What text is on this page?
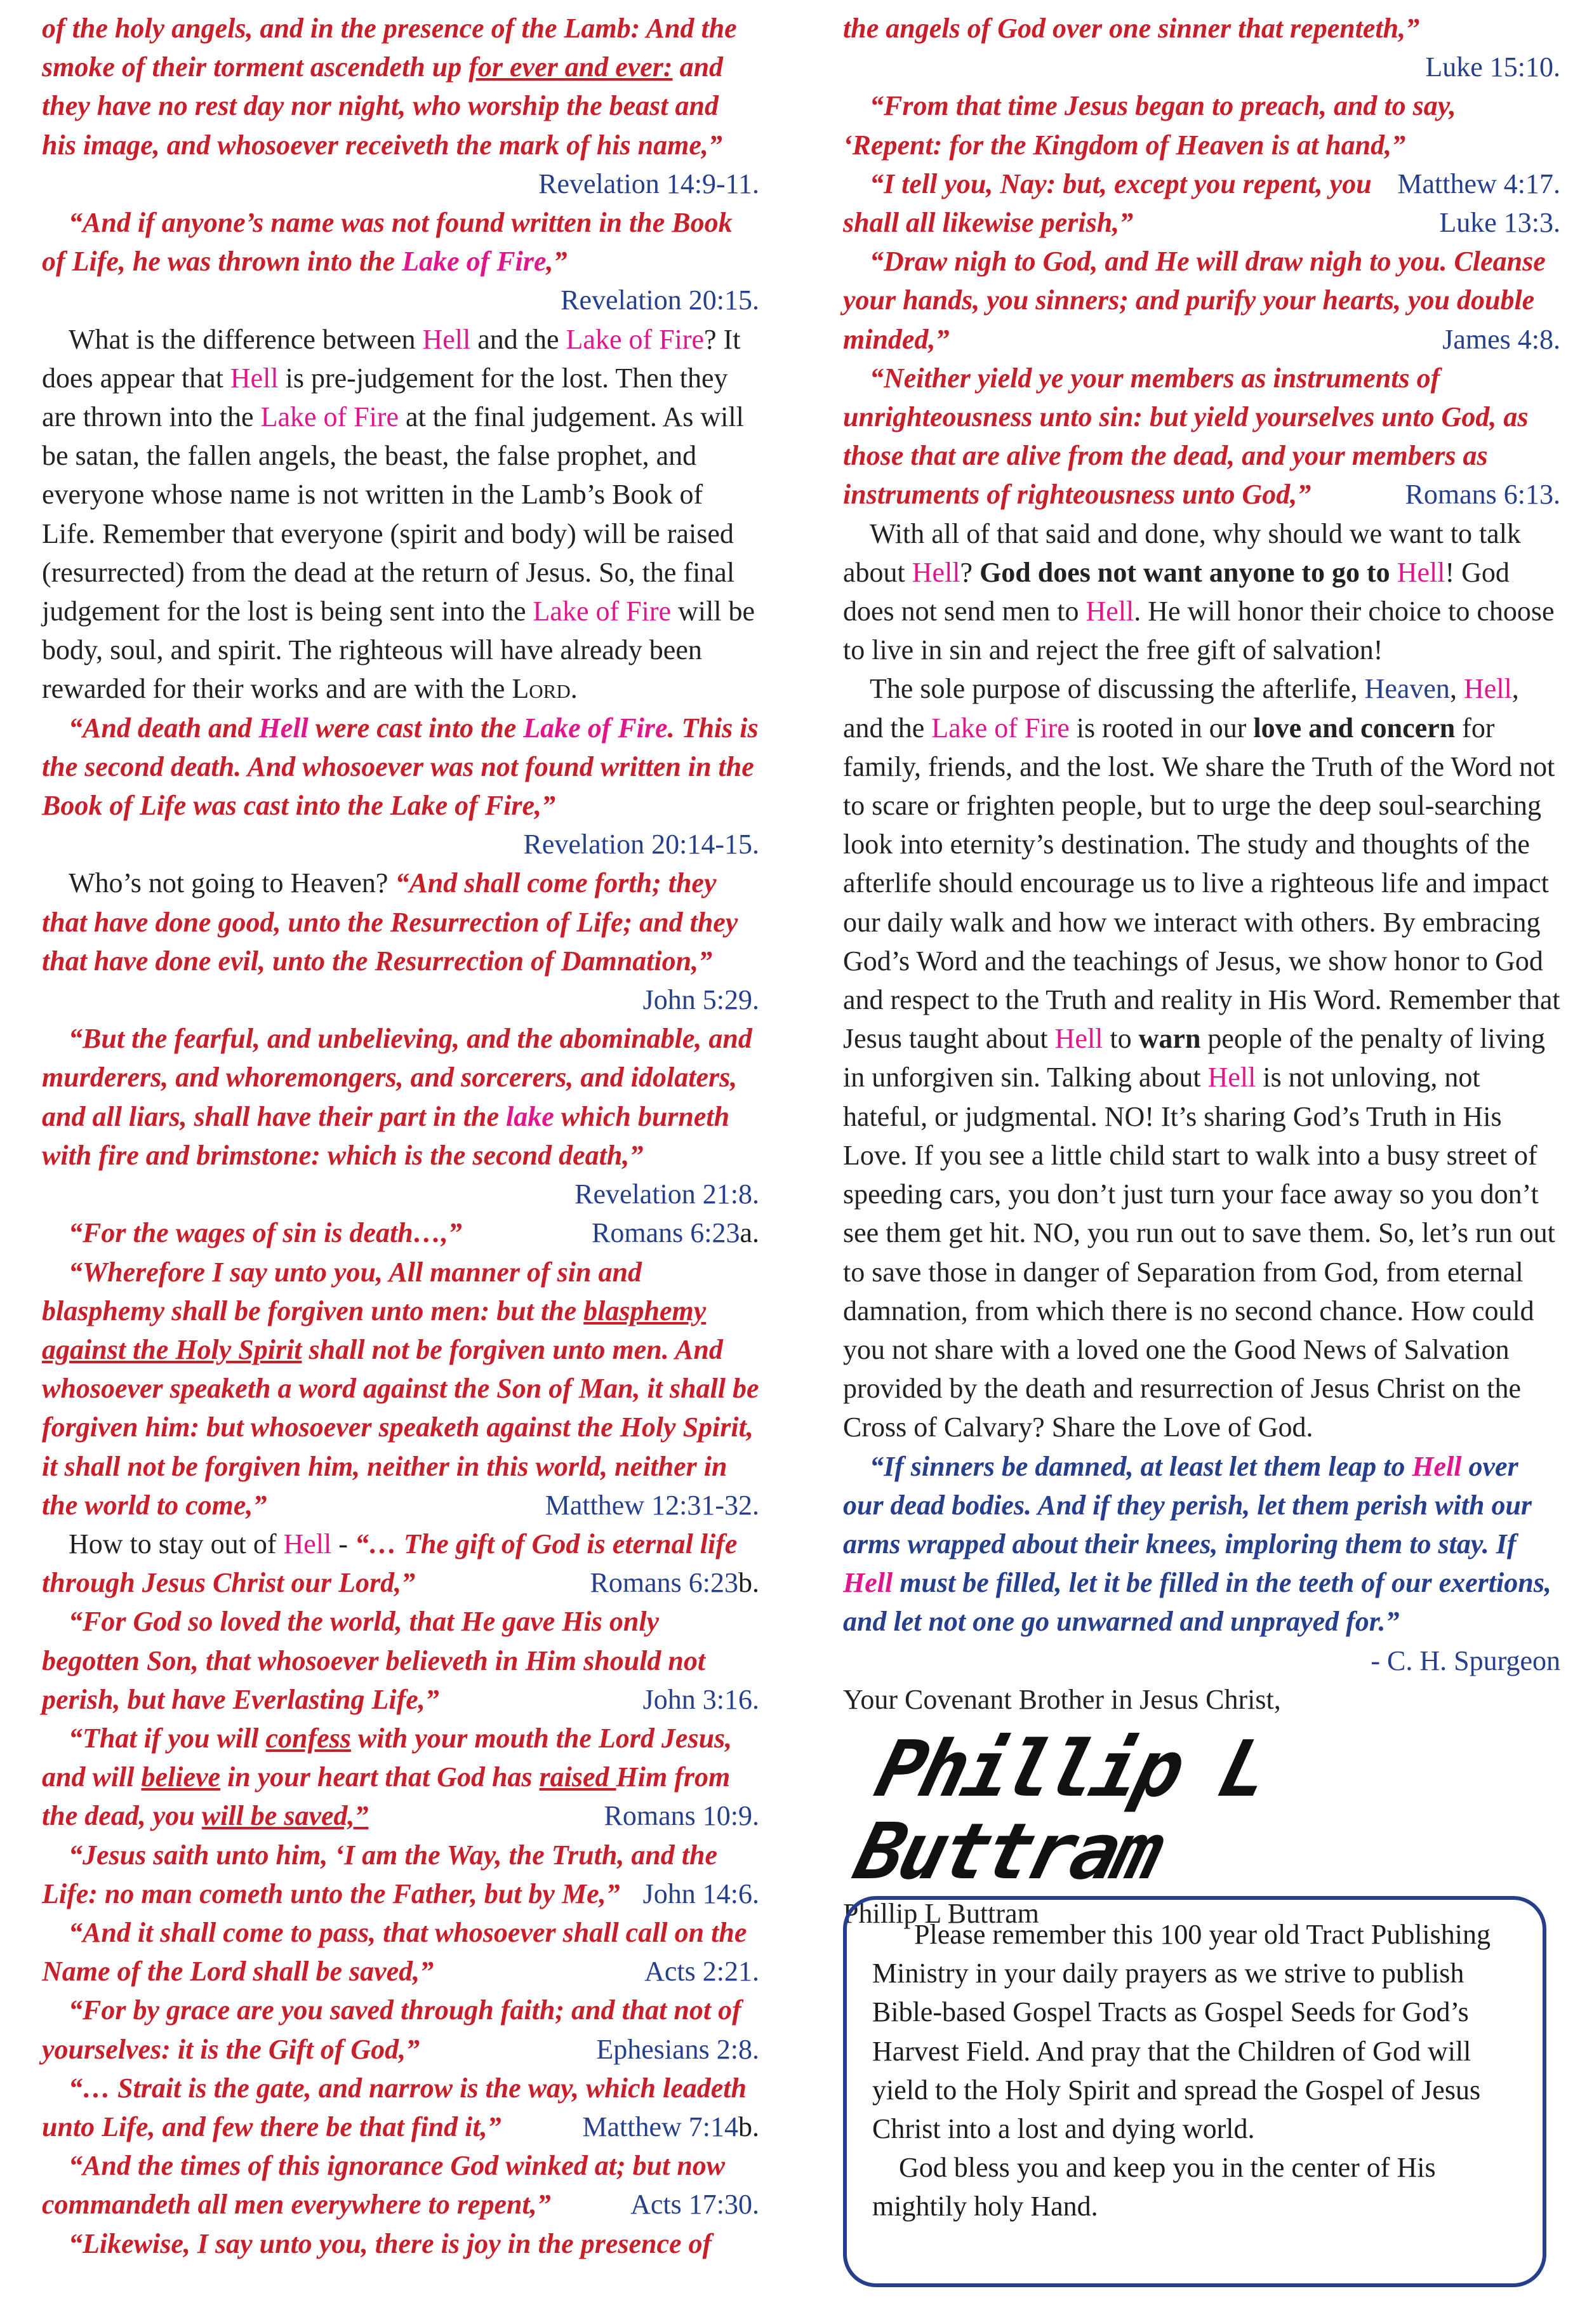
of the holy angels, and in the presence of the Lamb: And the smoke of their torment ascendeth up for ever and ever: and they have no rest day nor night, who worship the beast and his image, and whosoever receiveth the mark of his name,”
Revelation 14:9-11.

“And if anyone’s name was not found written in the Book of Life, he was thrown into the Lake of Fire,”
Revelation 20:15.

What is the difference between Hell and the Lake of Fire? It does appear that Hell is pre-judgement for the lost. Then they are thrown into the Lake of Fire at the final judgement. As will be satan, the fallen angels, the beast, the false prophet, and everyone whose name is not written in the Lamb’s Book of Life. Remember that everyone (spirit and body) will be raised (resurrected) from the dead at the return of Jesus. So, the final judgement for the lost is being sent into the Lake of Fire will be body, soul, and spirit. The righteous will have already been rewarded for their works and are with the Lord.

“And death and Hell were cast into the Lake of Fire. This is the second death. And whosoever was not found written in the Book of Life was cast into the Lake of Fire,”
Revelation 20:14-15.

Who’s not going to Heaven? “And shall come forth; they that have done good, unto the Resurrection of Life; and they that have done evil, unto the Resurrection of Damnation,”
John 5:29.

“But the fearful, and unbelieving, and the abominable, and murderers, and whoremongers, and sorcerers, and idolaters, and all liars, shall have their part in the lake which burneth with fire and brimstone: which is the second death,”
Revelation 21:8.

“For the wages of sin is death…,”	Romans 6:23a.

“Wherefore I say unto you, All manner of sin and blasphemy shall be forgiven unto men: but the blasphemy against the Holy Spirit shall not be forgiven unto men. And whosoever speaketh a word against the Son of Man, it shall be forgiven him: but whosoever speaketh against the Holy Spirit, it shall not be forgiven him, neither in this world, neither in the world to come,”	Matthew 12:31-32.

How to stay out of Hell - “… The gift of God is eternal life through Jesus Christ our Lord,”	Romans 6:23b.

“For God so loved the world, that He gave His only begotten Son, that whosoever believeth in Him should not perish, but have Everlasting Life,”	John 3:16.

“That if you will confess with your mouth the Lord Jesus, and will believe in your heart that God has raised Him from the dead, you will be saved,”	Romans 10:9.

“Jesus saith unto him, ‘I am the Way, the Truth, and the Life: no man cometh unto the Father, but by Me,” John 14:6.

“And it shall come to pass, that whosoever shall call on the Name of the Lord shall be saved,”	Acts 2:21.

“For by grace are you saved through faith; and that not of yourselves: it is the Gift of God,”	Ephesians 2:8.

“… Strait is the gate, and narrow is the way, which leadeth unto Life, and few there be that find it,”	Matthew 7:14b.

“And the times of this ignorance God winked at; but now commandeth all men everywhere to repent,”	Acts 17:30.

“Likewise, I say unto you, there is joy in the presence of

the angels of God over one sinner that repenteth,”
Luke 15:10.

“From that time Jesus began to preach, and to say, ‘Repent: for the Kingdom of Heaven is at hand,”
Matthew 4:17.

“I tell you, Nay: but, except you repent, you shall all likewise perish,”	Luke 13:3.

“Draw nigh to God, and He will draw nigh to you. Cleanse your hands, you sinners; and purify your hearts, you double minded,”	James 4:8.

“Neither yield ye your members as instruments of unrighteousness unto sin: but yield yourselves unto God, as those that are alive from the dead, and your members as instruments of righteousness unto God,”	Romans 6:13.

With all of that said and done, why should we want to talk about Hell? God does not want anyone to go to Hell! God does not send men to Hell. He will honor their choice to choose to live in sin and reject the free gift of salvation!

The sole purpose of discussing the afterlife, Heaven, Hell, and the Lake of Fire is rooted in our love and concern for family, friends, and the lost. We share the Truth of the Word not to scare or frighten people, but to urge the deep soul-searching look into eternity’s destination. The study and thoughts of the afterlife should encourage us to live a righteous life and impact our daily walk and how we interact with others. By embracing God’s Word and the teachings of Jesus, we show honor to God and respect to the Truth and reality in His Word. Remember that Jesus taught about Hell to warn people of the penalty of living in unforgiven sin. Talking about Hell is not unloving, not hateful, or judgmental. NO! It’s sharing God’s Truth in His Love. If you see a little child start to walk into a busy street of speeding cars, you don’t just turn your face away so you don’t see them get hit. NO, you run out to save them. So, let’s run out to save those in danger of Separation from God, from eternal damnation, from which there is no second chance. How could you not share with a loved one the Good News of Salvation provided by the death and resurrection of Jesus Christ on the Cross of Calvary? Share the Love of God.

“If sinners be damned, at least let them leap to Hell over our dead bodies. And if they perish, let them perish with our arms wrapped about their knees, imploring them to stay. If Hell must be filled, let it be filled in the teeth of our exertions, and let not one go unwarned and unprayed for.”
- C. H. Spurgeon

Your Covenant Brother in Jesus Christ,

Phillip L Buttram

Phillip L Buttram

Please remember this 100 year old Tract Publishing Ministry in your daily prayers as we strive to publish Bible-based Gospel Tracts as Gospel Seeds for God’s Harvest Field. And pray that the Children of God will yield to the Holy Spirit and spread the Gospel of Jesus Christ into a lost and dying world.

God bless you and keep you in the center of His mightily holy Hand.
